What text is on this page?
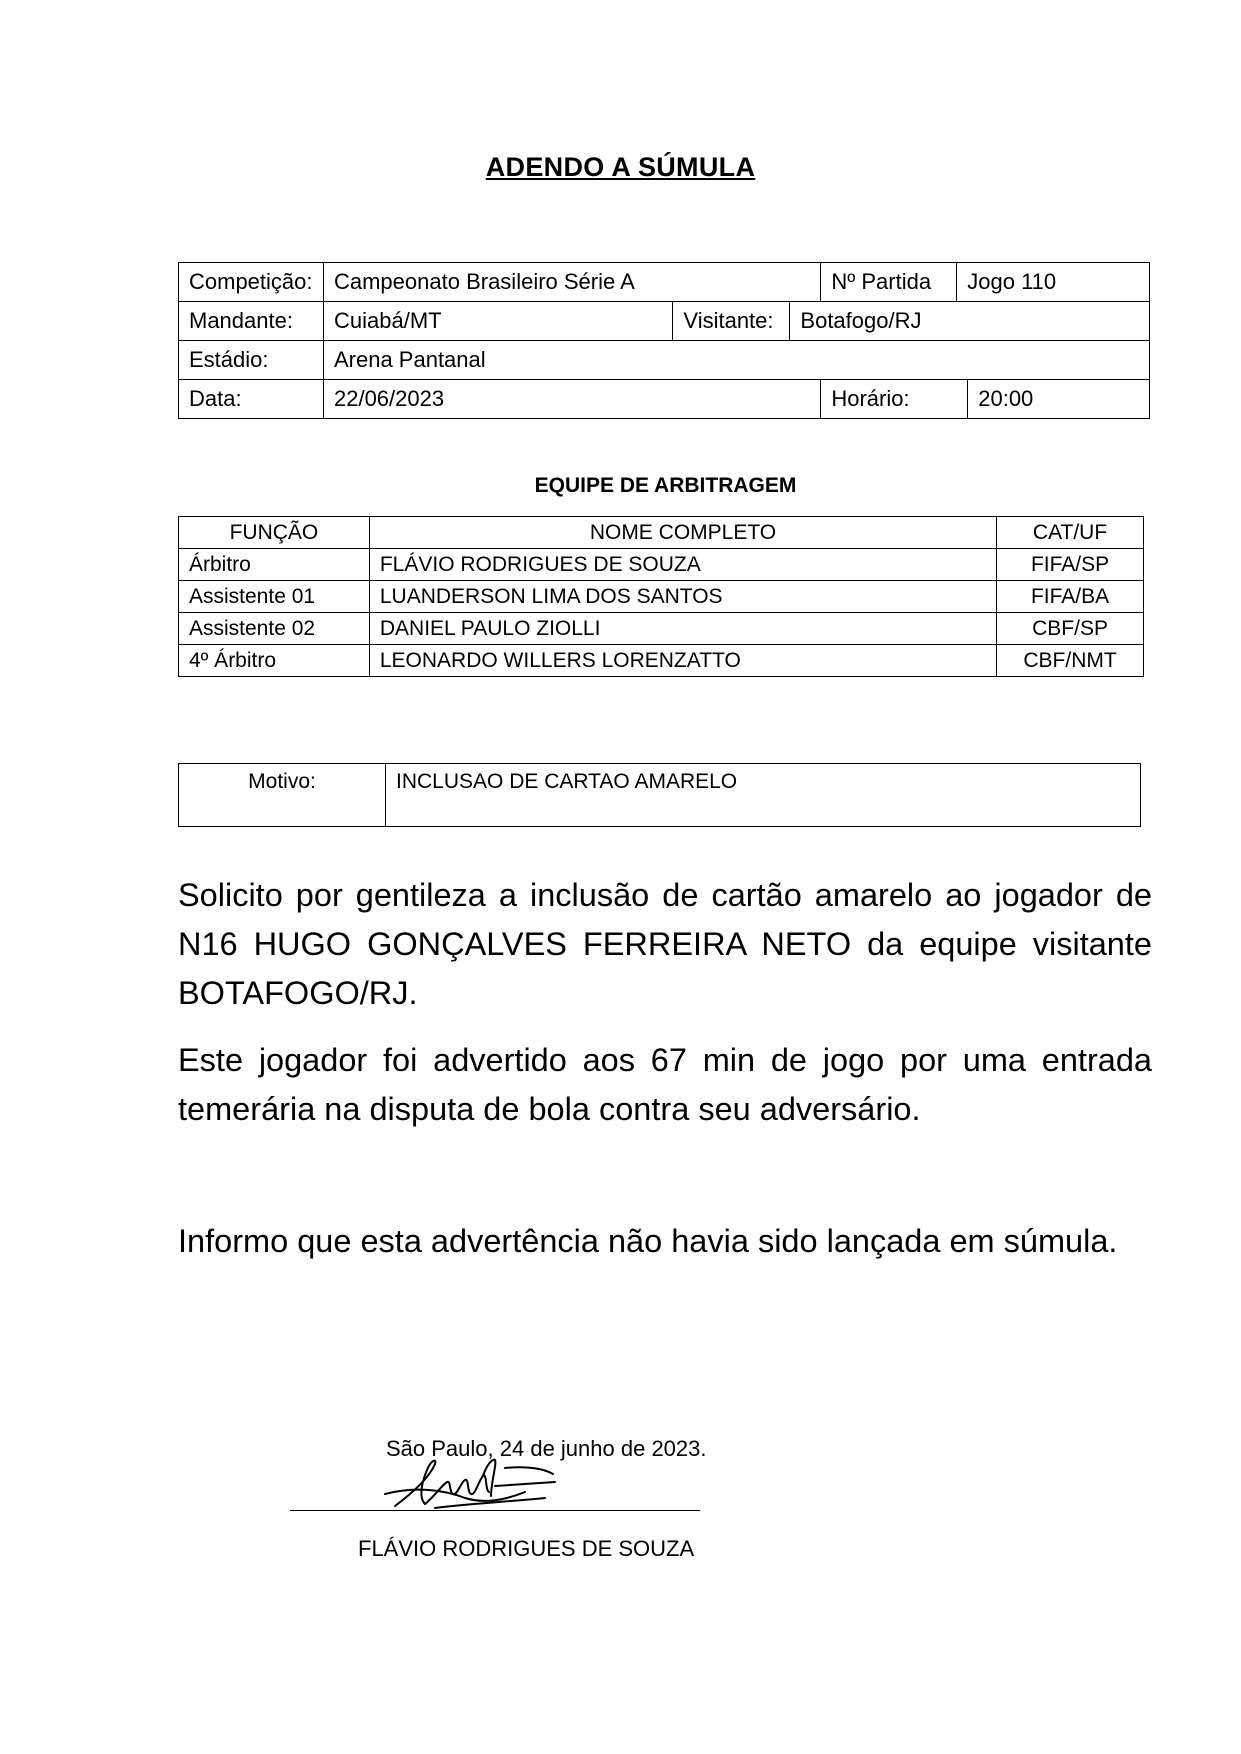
ADENDO A SÚMULA
Competição:	Campeonato Brasileiro Série A			Nº Partida	Jogo 110	
Mandante:	Cuiabá/MT	Visitante:	Botafogo/RJ			
Estádio:	Arena Pantanal					
Data:	22/06/2023			Horário:		20:00
EQUIPE DE ARBITRAGEM
FUNÇÃO	NOME COMPLETO	CAT/UF
Árbitro	FLÁVIO RODRIGUES DE SOUZA	FIFA/SP
Assistente 01	LUANDERSON LIMA DOS SANTOS	FIFA/BA
Assistente 02	DANIEL PAULO ZIOLLI	CBF/SP
4º Árbitro	LEONARDO WILLERS LORENZATTO	CBF/NMT
Motivo:	INCLUSAO DE CARTAO AMARELO

Solicito por gentileza a inclusão de cartão amarelo ao jogador de N16 HUGO GONÇALVES FERREIRA NETO da equipe visitante BOTAFOGO/RJ.

Este jogador foi advertido aos 67 min de jogo por uma entrada temerária na disputa de bola contra seu adversário.

Informo que esta advertência não havia sido lançada em súmula.

São Paulo, 24 de junho de 2023.
FLÁVIO RODRIGUES DE SOUZA
